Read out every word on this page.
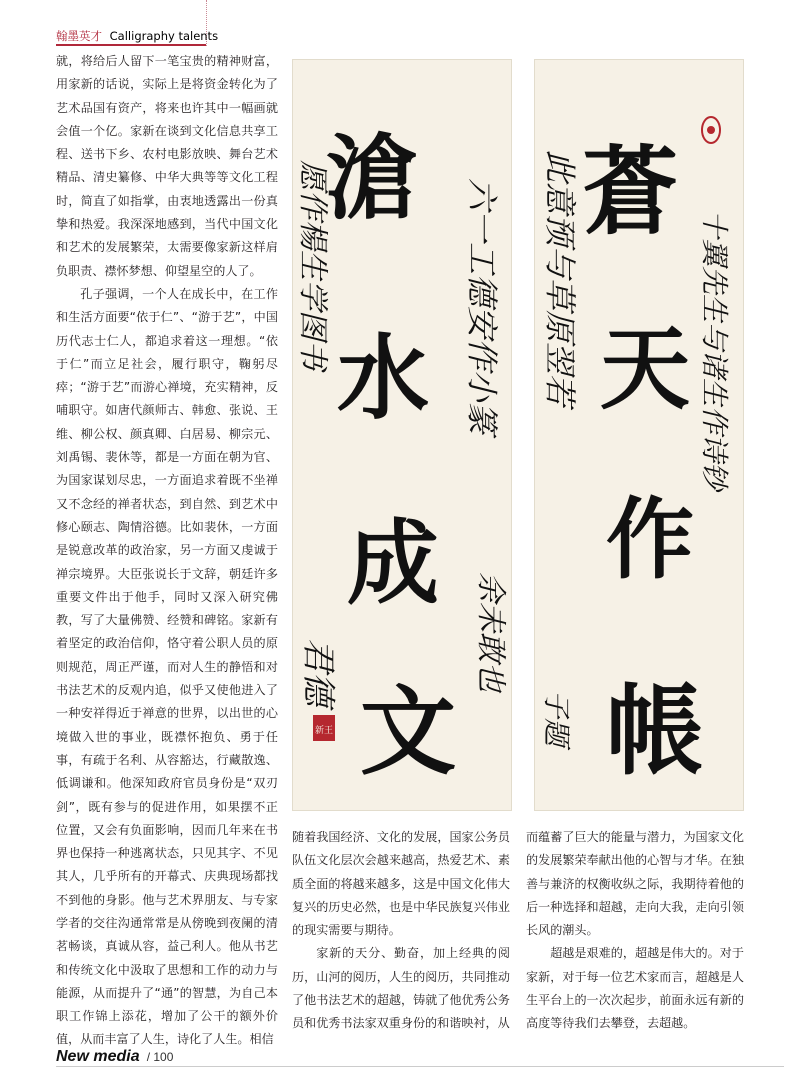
翰墨英才 Calligraphy talents

就，将给后人留下一笔宝贵的精神财富，用家新的话说，实际上是将资金转化为了艺术品国有资产，将来也许其中一幅画就会值一个亿。家新在谈到文化信息共享工程、送书下乡、农村电影放映、舞台艺术精品、清史纂修、中华大典等等文化工程时，简直了如指掌，由衷地透露出一份真挚和热爱。我深深地感到，当代中国文化和艺术的发展繁荣，太需要像家新这样肩负职责、襟怀梦想、仰望星空的人了。

孔子强调，一个人在成长中，在工作和生活方面要“依于仁”、“游于艺”，中国历代志士仁人，都追求着这一理想。“依于仁”而立足社会，履行职守，鞠躬尽瘁；“游于艺”而游心禅境，充实精神，反哺职守。如唐代颜师古、韩愈、张说、王维、柳公权、颜真卿、白居易、柳宗元、刘禹锡、裴休等，都是一方面在朝为官、为国家谋划尽忠，一方面追求着既不坐禅又不念经的禅者状态，到自然、到艺术中修心颐志、陶情浴德。比如裴休，一方面是锐意改革的政治家，另一方面又虔诚于禅宗境界。大臣张说长于文辞，朝廷许多重要文件出于他手，同时又深入研究佛教，写了大量佛赞、经赞和碑铭。家新有着坚定的政治信仰，恪守着公职人员的原则规范，周正严谨，而对人生的静悟和对书法艺术的反观内追，似乎又使他进入了一种安祥得近于禅意的世界，以出世的心境做入世的事业，既襟怀抱负、勇于任事，有疏于名利、从容豁达，行藏散逸、低调谦和。他深知政府官员身份是“双刃剑”，既有参与的促进作用，如果摆不正位置，又会有负面影响，因而几年来在书界也保持一种逃离状态，只见其字、不见其人，几乎所有的开幕式、庆典现场都找不到他的身影。他与艺术界朋友、与专家学者的交往沟通常常是从傍晚到夜阑的清茗畅谈，真诚从容，益己利人。他从书艺和传统文化中汲取了思想和工作的动力与能源，从而提升了“通”的智慧，为自己本职工作锦上添花，增加了公干的额外价值，从而丰富了人生，诗化了人生。相信

滄
水
成
文
六一工德安作小篆
余未敢也
愿作楊生学图书
君德
新王
蒼
天
作
帳
十翼先生与诸生作诗钞
此意预与草原翌若
子题

随着我国经济、文化的发展，国家公务员队伍文化层次会越来越高，热爱艺术、素质全面的将越来越多，这是中国文化伟大复兴的历史必然，也是中华民族复兴伟业的现实需要与期待。

家新的天分、勤奋，加上经典的阅历，山河的阅历，人生的阅历，共同推动了他书法艺术的超越，铸就了他优秀公务员和优秀书法家双重身份的和谐映衬，从

而蕴蓄了巨大的能量与潜力，为国家文化的发展繁荣奉献出他的心智与才华。在独善与兼济的权衡收纵之际，我期待着他的后一种选择和超越，走向大我，走向引领长风的潮头。

超越是艰难的，超越是伟大的。对于家新，对于每一位艺术家而言，超越是人生平台上的一次次起步，前面永远有新的高度等待我们去攀登，去超越。

New media / 100
